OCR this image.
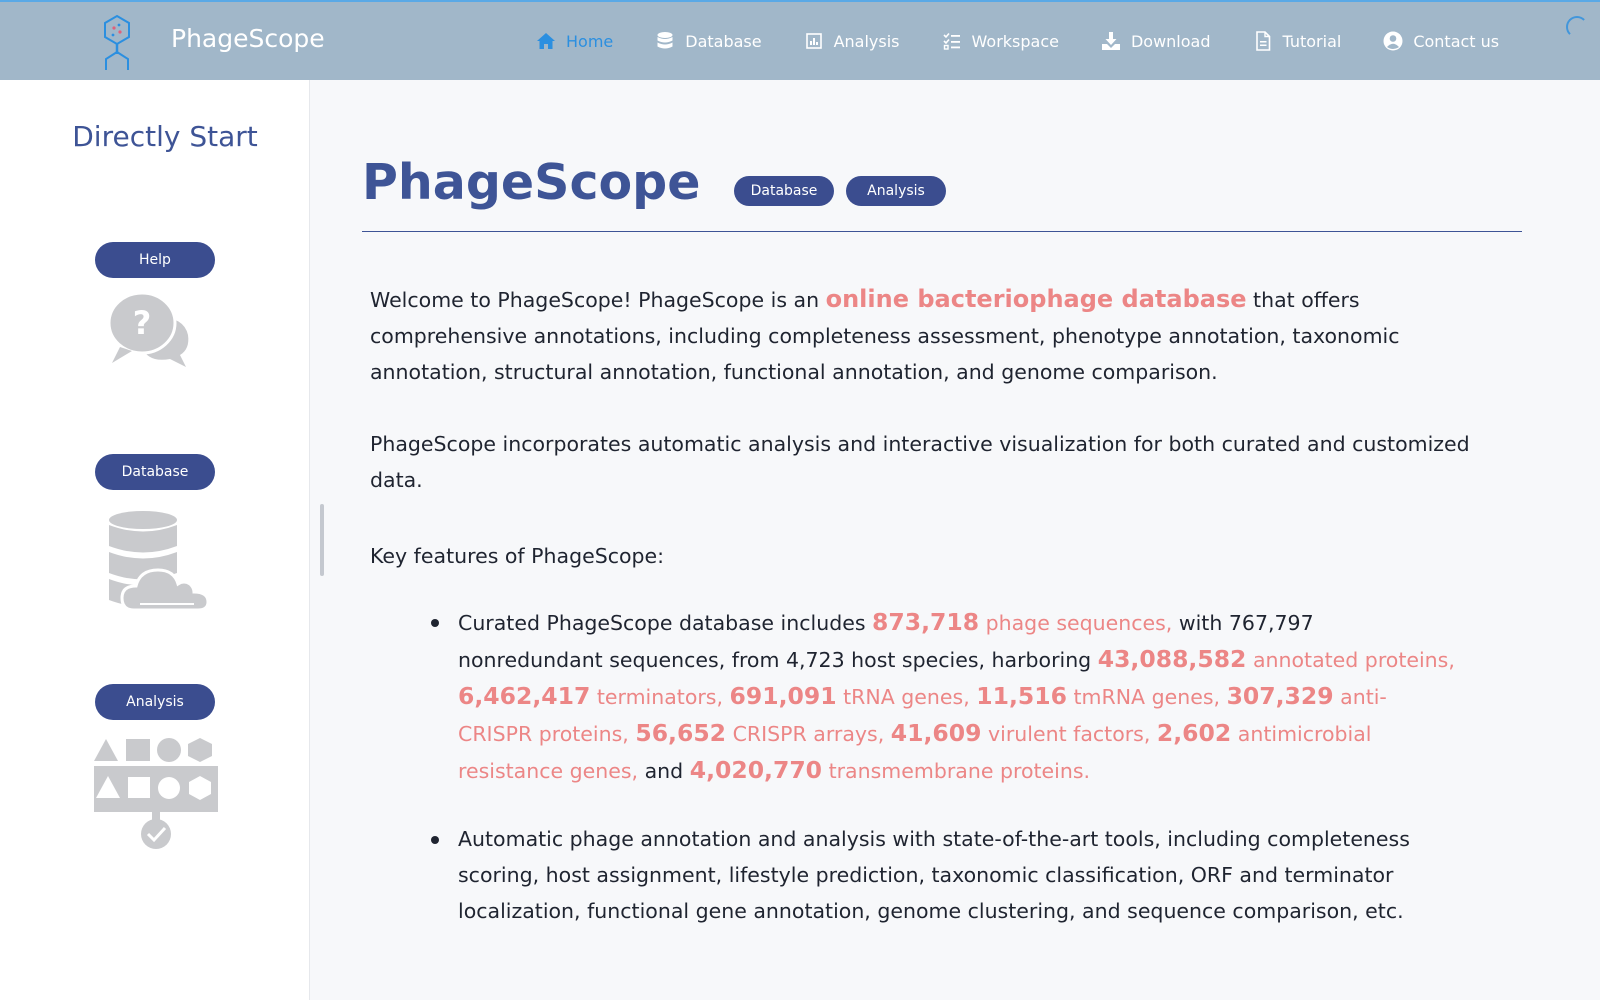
PhageScope	Home	Database	Analysis	Workspace	Download	Tutorial	Contact us
Directly Start
Help
?
Database
Analysis
PhageScope	Database	Analysis

Welcome to PhageScope! PhageScope is an online bacteriophage database that offers comprehensive annotations, including completeness assessment, phenotype annotation, taxonomic annotation, structural annotation, functional annotation, and genome comparison.

PhageScope incorporates automatic analysis and interactive visualization for both curated and customized data.

Key features of PhageScope:

Curated PhageScope database includes 873,718 phage sequences, with 767,797 nonredundant sequences, from 4,723 host species, harboring 43,088,582 annotated proteins, 6,462,417 terminators, 691,091 tRNA genes, 11,516 tmRNA genes, 307,329 anti-CRISPR proteins, 56,652 CRISPR arrays, 41,609 virulent factors, 2,602 antimicrobial resistance genes, and 4,020,770 transmembrane proteins.
Automatic phage annotation and analysis with state-of-the-art tools, including completeness scoring, host assignment, lifestyle prediction, taxonomic classification, ORF and terminator localization, functional gene annotation, genome clustering, and sequence comparison, etc.
